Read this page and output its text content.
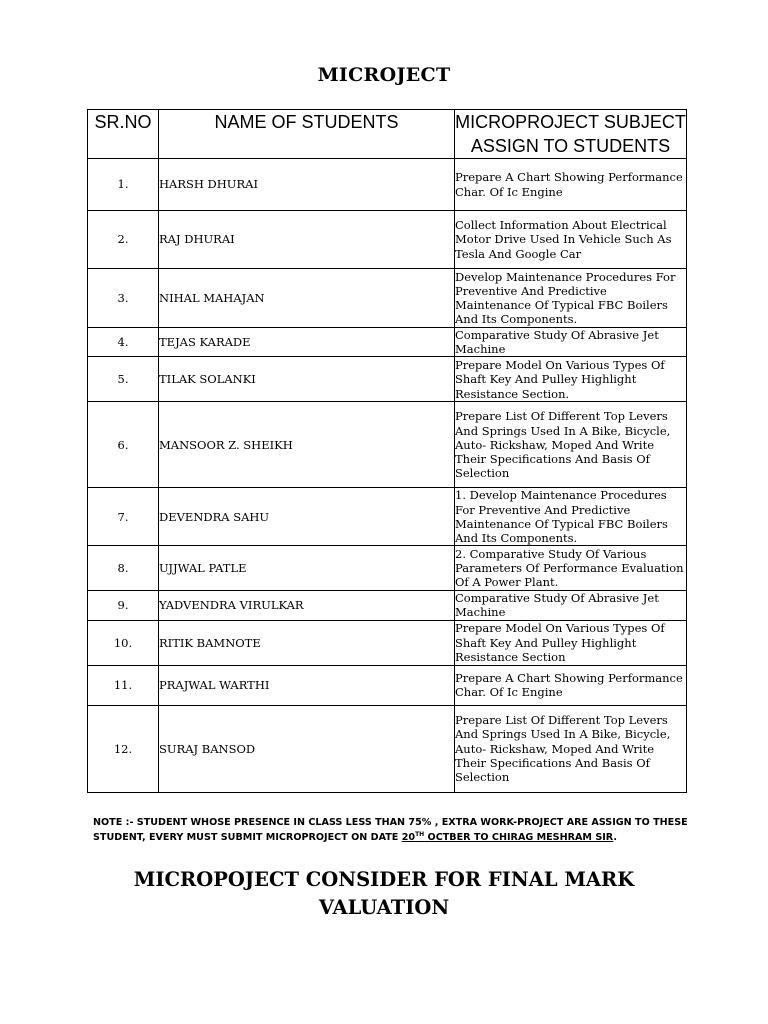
MICROJECT
SR.NO	NAME OF STUDENTS	MICROPROJECT SUBJECT
ASSIGN TO STUDENTS

1.	HARSH DHURAI	Prepare A Chart Showing Performance Char. Of Ic Engine
2.	RAJ DHURAI	Collect Information About Electrical Motor Drive Used In Vehicle Such As Tesla And Google Car
3.	NIHAL MAHAJAN	Develop Maintenance Procedures For Preventive And Predictive Maintenance Of Typical FBC Boilers And Its Components.
4.	TEJAS KARADE	Comparative Study Of Abrasive Jet Machine
5.	TILAK SOLANKI	Prepare Model On Various Types Of Shaft Key And Pulley Highlight Resistance Section.
6.	MANSOOR Z. SHEIKH	Prepare List Of Different Top Levers And Springs Used In A Bike, Bicycle, Auto- Rickshaw, Moped And Write Their Specifications And Basis Of Selection
7.	DEVENDRA SAHU	1. Develop Maintenance Procedures For Preventive And Predictive Maintenance Of Typical FBC Boilers And Its Components.
8.	UJJWAL PATLE	2. Comparative Study Of Various Parameters Of Performance Evaluation Of A Power Plant.
9.	YADVENDRA VIRULKAR	Comparative Study Of Abrasive Jet Machine
10.	RITIK BAMNOTE	Prepare Model On Various Types Of Shaft Key And Pulley Highlight Resistance Section
11.	PRAJWAL WARTHI	Prepare A Chart Showing Performance Char. Of Ic Engine
12.	SURAJ BANSOD	Prepare List Of Different Top Levers And Springs Used In A Bike, Bicycle, Auto- Rickshaw, Moped And Write Their Specifications And Basis Of Selection
NOTE :- STUDENT WHOSE PRESENCE IN CLASS LESS THAN 75% , EXTRA WORK-PROJECT ARE ASSIGN TO THESE STUDENT, EVERY MUST SUBMIT MICROPROJECT ON DATE 20TH OCTBER TO CHIRAG MESHRAM SIR.
MICROPOJECT CONSIDER FOR FINAL MARK
VALUATION
